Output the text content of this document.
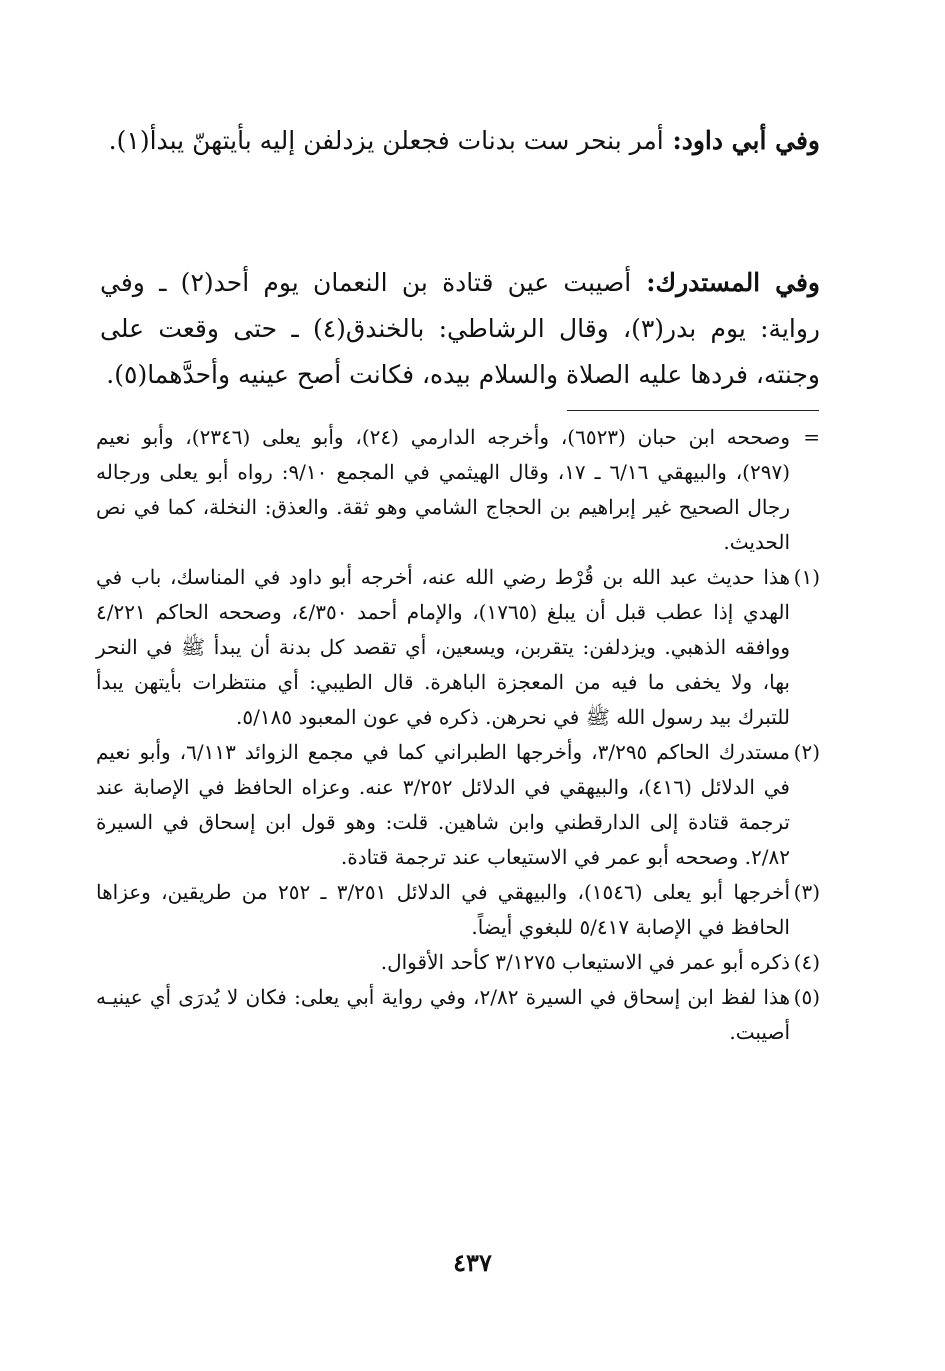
وفي أبي داود: أمر بنحر ست بدنات فجعلن يزدلفن إليه بأيتهنّ يبدأ(١).

وفي المستدرك: أصيبت عين قتادة بن النعمان يوم أحد(٢) ـ وفي رواية: يوم بدر(٣)، وقال الرشاطي: بالخندق(٤) ـ حتى وقعت على وجنته، فردها عليه الصلاة والسلام بيده، فكانت أصح عينيه وأحدَّهما(٥).

=
وصححه ابن حبان (٦٥٢٣)، وأخرجه الدارمي (٢٤)، وأبو يعلى (٢٣٤٦)، وأبو نعيم (٢٩٧)، والبيهقي ٦/١٦ ـ ١٧، وقال الهيثمي في المجمع ٩/١٠: رواه أبو يعلى ورجاله رجال الصحيح غير إبراهيم بن الحجاج الشامي وهو ثقة. والعذق: النخلة، كما في نص الحديث.

(١)
هذا حديث عبد الله بن قُرْط رضي الله عنه، أخرجه أبو داود في المناسك، باب في الهدي إذا عطب قبل أن يبلغ (١٧٦٥)، والإمام أحمد ٤/٣٥٠، وصححه الحاكم ٤/٢٢١ ووافقه الذهبي. ويزدلفن: يتقربن، ويسعين، أي تقصد كل بدنة أن يبدأ ﷺ في النحر بها، ولا يخفى ما فيه من المعجزة الباهرة. قال الطيبي: أي منتظرات بأيتهن يبدأ للتبرك بيد رسول الله ﷺ في نحرهن. ذكره في عون المعبود ٥/١٨٥.

(٢)
مستدرك الحاكم ٣/٢٩٥، وأخرجها الطبراني كما في مجمع الزوائد ٦/١١٣، وأبو نعيم في الدلائل (٤١٦)، والبيهقي في الدلائل ٣/٢٥٢ عنه. وعزاه الحافظ في الإصابة عند ترجمة قتادة إلى الدارقطني وابن شاهين. قلت: وهو قول ابن إسحاق في السيرة ٢/٨٢. وصححه أبو عمر في الاستيعاب عند ترجمة قتادة.

(٣)
أخرجها أبو يعلى (١٥٤٦)، والبيهقي في الدلائل ٣/٢٥١ ـ ٢٥٢ من طريقين، وعزاها الحافظ في الإصابة ٥/٤١٧ للبغوي أيضاً.

(٤)
ذكره أبو عمر في الاستيعاب ٣/١٢٧٥ كأحد الأقوال.

(٥)
هذا لفظ ابن إسحاق في السيرة ٢/٨٢، وفي رواية أبي يعلى: فكان لا يُدرَى أي عينيـه أصيبت.

٤٣٧
